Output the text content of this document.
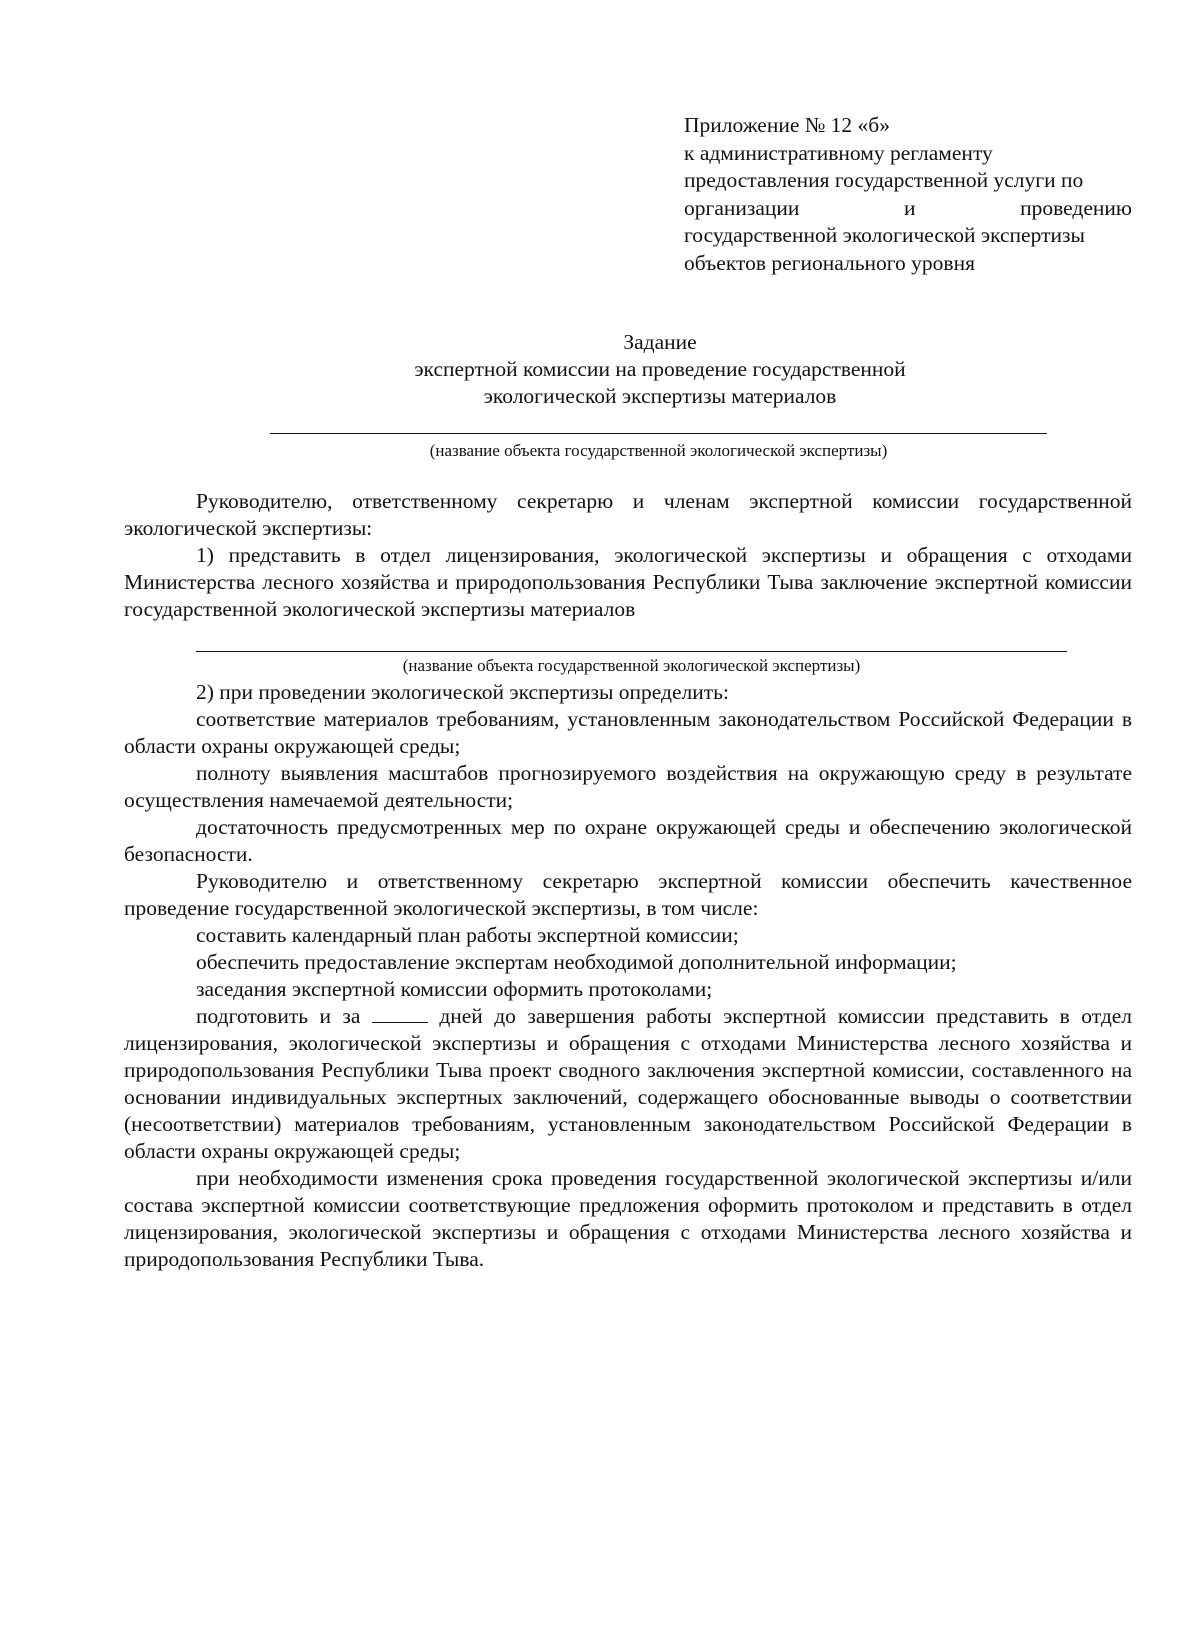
Приложение № 12 «б»
к административному регламенту
предоставления государственной услуги по
организации	и	проведению
государственной экологической экспертизы
объектов регионального уровня
Задание
экспертной комиссии на проведение государственной
экологической экспертизы материалов
(название объекта государственной экологической экспертизы)

Руководителю, ответственному секретарю и членам экспертной комиссии государственной экологической экспертизы:

1) представить в отдел лицензирования, экологической экспертизы и обращения с отходами Министерства лесного хозяйства и природопользования Республики Тыва заключение экспертной комиссии государственной экологической экспертизы материалов

(название объекта государственной экологической экспертизы)

2) при проведении экологической экспертизы определить:

соответствие материалов требованиям, установленным законодательством Российской Федерации в области охраны окружающей среды;

полноту выявления масштабов прогнозируемого воздействия на окружающую среду в результате осуществления намечаемой деятельности;

достаточность предусмотренных мер по охране окружающей среды и обеспечению экологической безопасности.

Руководителю и ответственному секретарю экспертной комиссии обеспечить качественное проведение государственной экологической экспертизы, в том числе:

составить календарный план работы экспертной комиссии;

обеспечить предоставление экспертам необходимой дополнительной информации;

заседания экспертной комиссии оформить протоколами;

подготовить и за	дней до завершения работы экспертной комиссии представить в отдел лицензирования, экологической экспертизы и обращения с отходами Министерства лесного хозяйства и природопользования Республики Тыва проект сводного заключения экспертной комиссии, составленного на основании индивидуальных экспертных заключений, содержащего обоснованные выводы о соответствии (несоответствии) материалов требованиям, установленным законодательством Российской Федерации в области охраны окружающей среды;

при необходимости изменения срока проведения государственной экологической экспертизы и/или состава экспертной комиссии соответствующие предложения оформить протоколом и представить в отдел лицензирования, экологической экспертизы и обращения с отходами Министерства лесного хозяйства и природопользования Республики Тыва.
